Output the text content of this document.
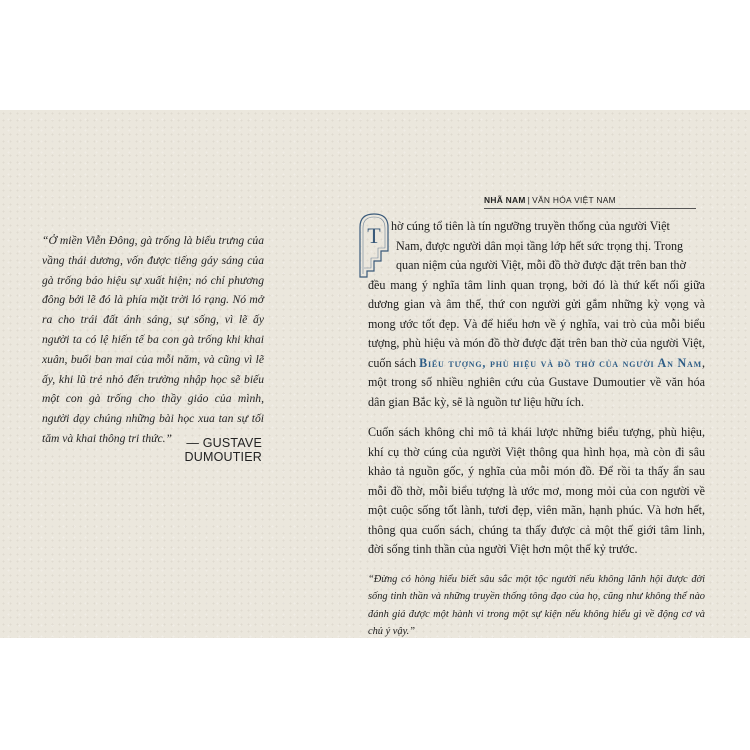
“Ở miền Viễn Đông, gà trống là biểu trưng của vầng thái dương, vốn được tiếng gáy sáng của gà trống báo hiệu sự xuất hiện; nó chỉ phương đông bởi lẽ đó là phía mặt trời ló rạng. Nó mở ra cho trái đất ánh sáng, sự sống, vì lẽ ấy người ta có lệ hiến tế ba con gà trống khi khai xuân, buổi ban mai của mỗi năm, và cũng vì lẽ ấy, khi lũ trẻ nhỏ đến trường nhập học sẽ biếu một con gà trống cho thầy giáo của mình, người dạy chúng những bài học xua tan sự tối tăm và khai thông tri thức.”	— GUSTAVE DUMOUTIER

NHÃ NAM | VĂN HÓA VIỆT NAM
T hờ cúng tổ tiên là tín ngưỡng truyền thống của người Việt
Nam, được người dân mọi tầng lớp hết sức trọng thị. Trong
quan niệm của người Việt, mỗi đồ thờ được đặt trên ban thờ
đều mang ý nghĩa tâm linh quan trọng, bởi đó là thứ kết nối giữa dương gian và âm thế, thứ con người gửi gắm những kỳ vọng và mong ước tốt đẹp. Và để hiểu hơn về ý nghĩa, vai trò của mỗi biểu tượng, phù hiệu và món đồ thờ được đặt trên ban thờ của người Việt, cuốn sách Biểu tượng, phù hiệu và đồ thờ của người An Nam, một trong số nhiều nghiên cứu của Gustave Dumoutier về văn hóa dân gian Bắc kỳ, sẽ là nguồn tư liệu hữu ích.

Cuốn sách không chỉ mô tả khái lược những biểu tượng, phù hiệu, khí cụ thờ cúng của người Việt thông qua hình họa, mà còn đi sâu khảo tả nguồn gốc, ý nghĩa của mỗi món đồ. Để rồi ta thấy ẩn sau mỗi đồ thờ, mỗi biểu tượng là ước mơ, mong mỏi của con người về một cuộc sống tốt lành, tươi đẹp, viên mãn, hạnh phúc. Và hơn hết, thông qua cuốn sách, chúng ta thấy được cả một thế giới tâm linh, đời sống tinh thần của người Việt hơn một thế kỷ trước.

“Đừng có hòng hiểu biết sâu sắc một tộc người nếu không lãnh hội được đời sống tinh thần và những truyền thống tông đạo của họ, cũng như không thể nào đánh giá được một hành vi trong một sự kiện nếu không hiểu gì về động cơ và chủ ý vậy.”
